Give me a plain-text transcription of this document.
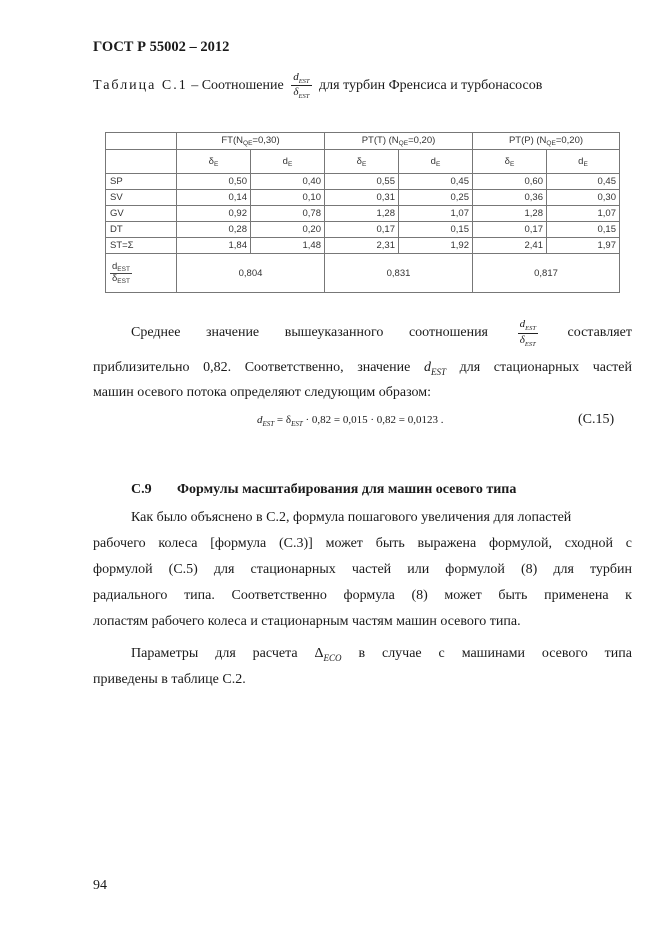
ГОСТ Р 55002 – 2012
Таблица С.1 – Соотношение $\frac{d_{EST}}{\delta_{EST}}$ для турбин Френсиса и турбонасосов
	$FT(N_{QE}=0,30)$		PT(T) $(N_{QE}=0,20)$		PT(P) $(N_{QE}=0,20)$	
	$\delta_E$	$d_E$	$\delta_E$	$d_E$	$\delta_E$	$d_E$
SP	0,50	0,40	0,55	0,45	0,60	0,45
SV	0,14	0,10	0,31	0,25	0,36	0,30
GV	0,92	0,78	1,28	1,07	1,28	1,07
DT	0,28	0,20	0,17	0,15	0,17	0,15
ST=Σ	1,84	1,48	2,31	1,92	2,41	1,97

$d_{EST}$
$\delta_{EST}$	0,804		0,831		0,817	
Среднее значение вышеуказанного соотношения	$\frac{d_{EST}}{\delta_{EST}}$ составляет
приблизительно 0,82. Соответственно, значение $d_{EST}$ для стационарных частей
машин осевого потока определяют следующим образом:
$d_{EST} = \delta_{EST} \cdot 0,82 = 0,015 \cdot 0,82 = 0,0123$ .	(С.15)
С.9 Формулы масштабирования для машин осевого типа
Как было объяснено в С.2, формула пошагового увеличения для лопастей
рабочего колеса [формула (С.3)] может быть выражена формулой, сходной с
формулой (С.5) для стационарных частей или формулой (8) для турбин
радиального типа. Соответственно формула (8) может быть применена к
лопастям рабочего колеса и стационарным частям машин осевого типа.
Параметры для расчета $\Delta_{ECO}$ в случае с машинами осевого типа
приведены в таблице С.2.
94
